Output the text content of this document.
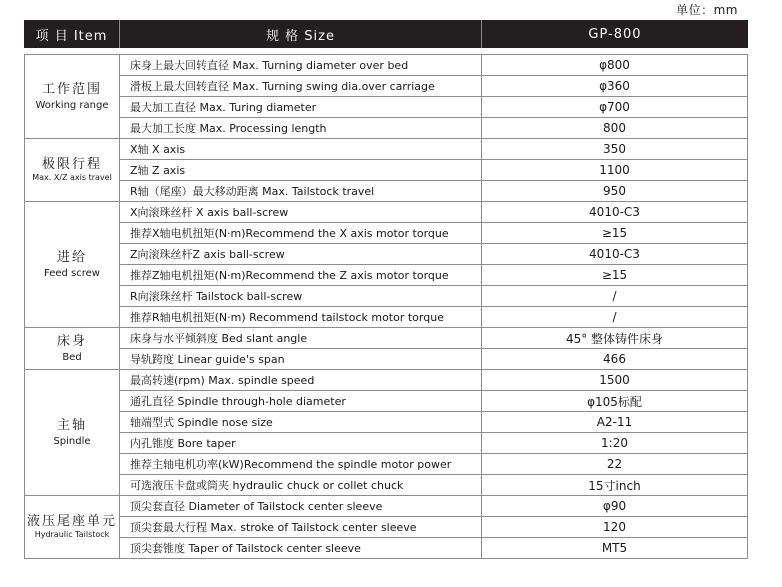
单位：mm
项 目 Item	规 格 Size	GP-800
工作范围
Working range	床身上最大回转直径 Max. Turning diameter over bed	φ800
	滑板上最大回转直径 Max. Turning swing dia.over carriage	φ360
	最大加工直径 Max. Turing diameter	φ700
	最大加工长度 Max. Processing length	800

极限行程
Max. X/Z axis travel	X轴 X axis	350
	Z轴 Z axis	1100
	R轴（尾座）最大移动距离 Max. Tailstock travel	950

进给
Feed screw	X向滚珠丝杆 X axis ball-screw	4010-C3
	推荐X轴电机扭矩(N·m)Recommend the X axis motor torque	≥15
	Z向滚珠丝杆Z axis ball-screw	4010-C3
	推荐Z轴电机扭矩(N·m)Recommend the Z axis motor torque	≥15
	R向滚珠丝杆 Tailstock ball-screw	/
	推荐R轴电机扭矩(N·m) Recommend tailstock motor torque	/

床身
Bed	床身与水平倾斜度 Bed slant angle	45° 整体铸件床身
	导轨跨度 Linear guide's span	466

主轴
Spindle	最高转速(rpm) Max. spindle speed	1500
	通孔直径 Spindle through-hole diameter	φ105标配
	轴端型式 Spindle nose size	A2-11
	内孔锥度 Bore taper	1:20
	推荐主轴电机功率(kW)Recommend the spindle motor power	22
	可选液压卡盘或筒夹 hydraulic chuck or collet chuck	15寸inch

液压尾座单元
Hydraulic Tailstock	顶尖套直径 Diameter of Tailstock center sleeve	φ90
	顶尖套最大行程 Max. stroke of Tailstock center sleeve	120
	顶尖套锥度 Taper of Tailstock center sleeve	MT5
